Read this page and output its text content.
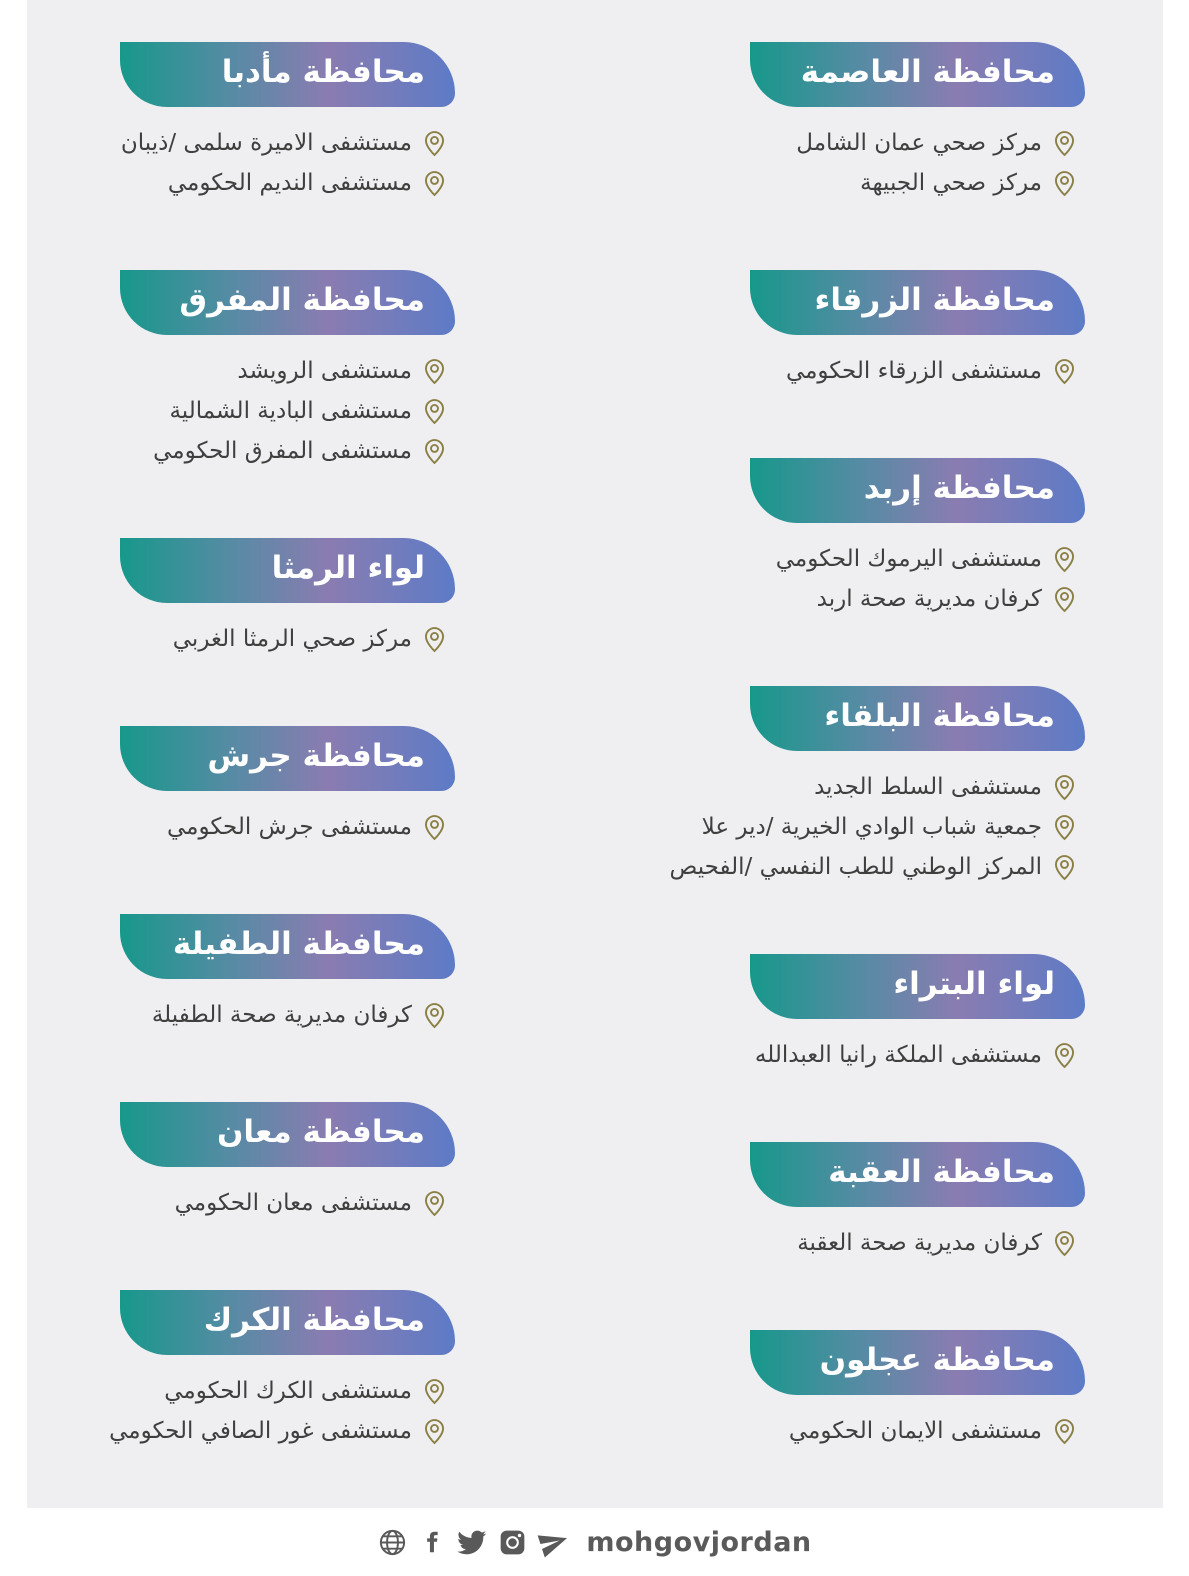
محافظة العاصمة
مركز صحي عمان الشامل
مركز صحي الجبيهة
محافظة الزرقاء
مستشفى الزرقاء الحكومي
محافظة إربد
مستشفى اليرموك الحكومي
كرفان مديرية صحة اربد
محافظة البلقاء
مستشفى السلط الجديد
جمعية شباب الوادي الخيرية /دير علا
المركز الوطني للطب النفسي /الفحيص
لواء البتراء
مستشفى الملكة رانيا العبدالله
محافظة العقبة
كرفان مديرية صحة العقبة
محافظة عجلون
مستشفى الايمان الحكومي
محافظة مأدبا
مستشفى الاميرة سلمى /ذيبان
مستشفى النديم الحكومي
محافظة المفرق
مستشفى الرويشد
مستشفى البادية الشمالية
مستشفى المفرق الحكومي
لواء الرمثا
مركز صحي الرمثا الغربي
محافظة جرش
مستشفى جرش الحكومي
محافظة الطفيلة
كرفان مديرية صحة الطفيلة
محافظة معان
مستشفى معان الحكومي
محافظة الكرك
مستشفى الكرك الحكومي
مستشفى غور الصافي الحكومي
mohgovjordan
